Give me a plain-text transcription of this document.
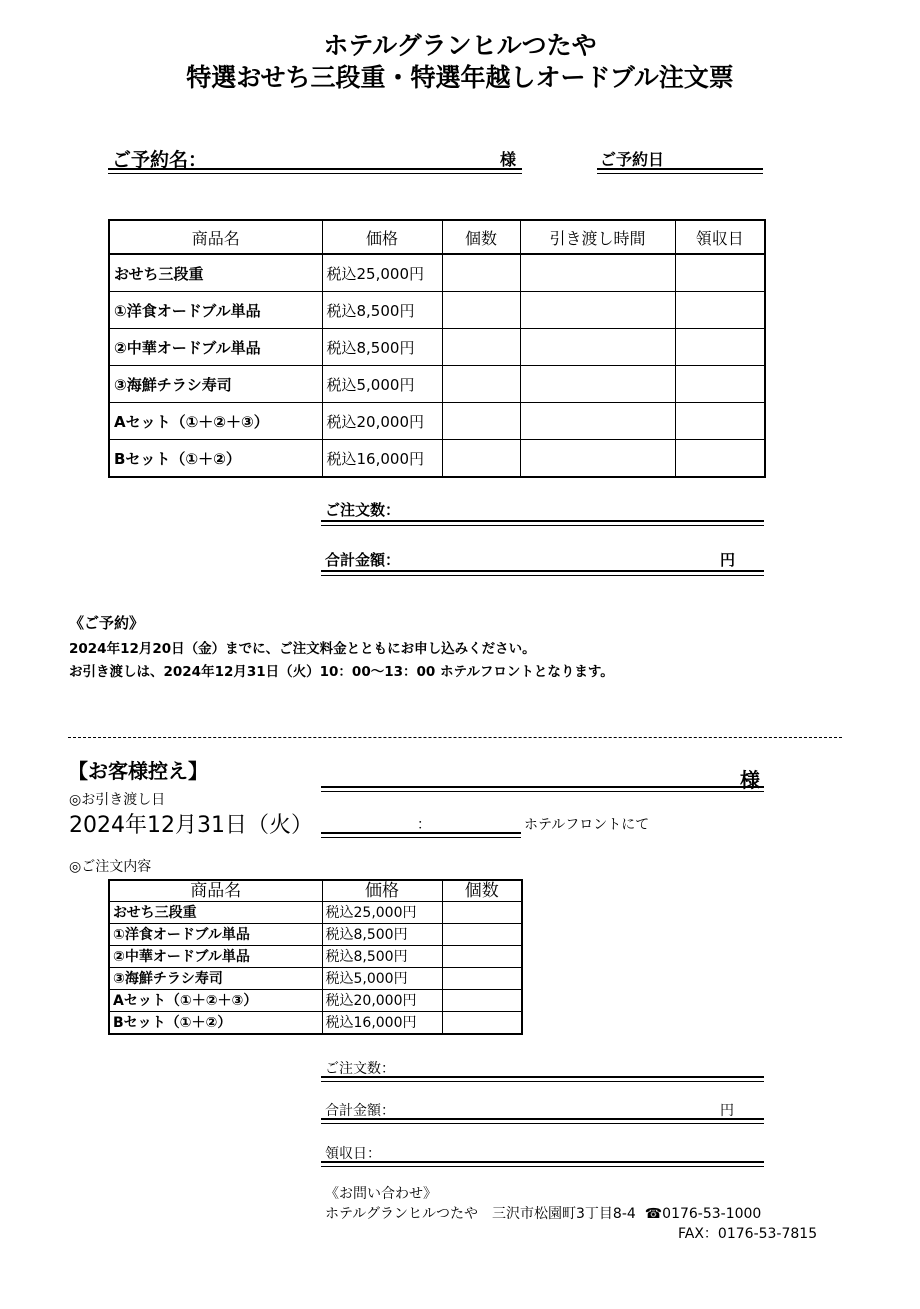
ホテルグランヒルつたや
特選おせち三段重・特選年越しオードブル注文票
ご予約名：	様	ご予約日
商品名	価格	個数	引き渡し時間	領収日
おせち三段重	税込25,000円			
①洋食オードブル単品	税込8,500円			
②中華オードブル単品	税込8,500円			
③海鮮チラシ寿司	税込5,000円			
Aセット（①＋②＋③）	税込20,000円			
Bセット（①＋②）	税込16,000円			
ご注文数：
合計金額：	円
《ご予約》
2024年12月20日（金）までに、ご注文料金とともにお申し込みください。
お引き渡しは、2024年12月31日（火）10：00〜13：00 ホテルフロントとなります。
【お客様控え】	様
◎お引き渡し日
2024年12月31日（火）	：	ホテルフロントにて
◎ご注文内容
商品名	価格	個数
おせち三段重	税込25,000円	
①洋食オードブル単品	税込8,500円	
②中華オードブル単品	税込8,500円	
③海鮮チラシ寿司	税込5,000円	
Aセット（①＋②＋③）	税込20,000円	
Bセット（①＋②）	税込16,000円	
ご注文数：
合計金額：	円
領収日：
《お問い合わせ》
ホテルグランヒルつたや　三沢市松園町3丁目8-4 ☎0176-53-1000
FAX：0176-53-7815
